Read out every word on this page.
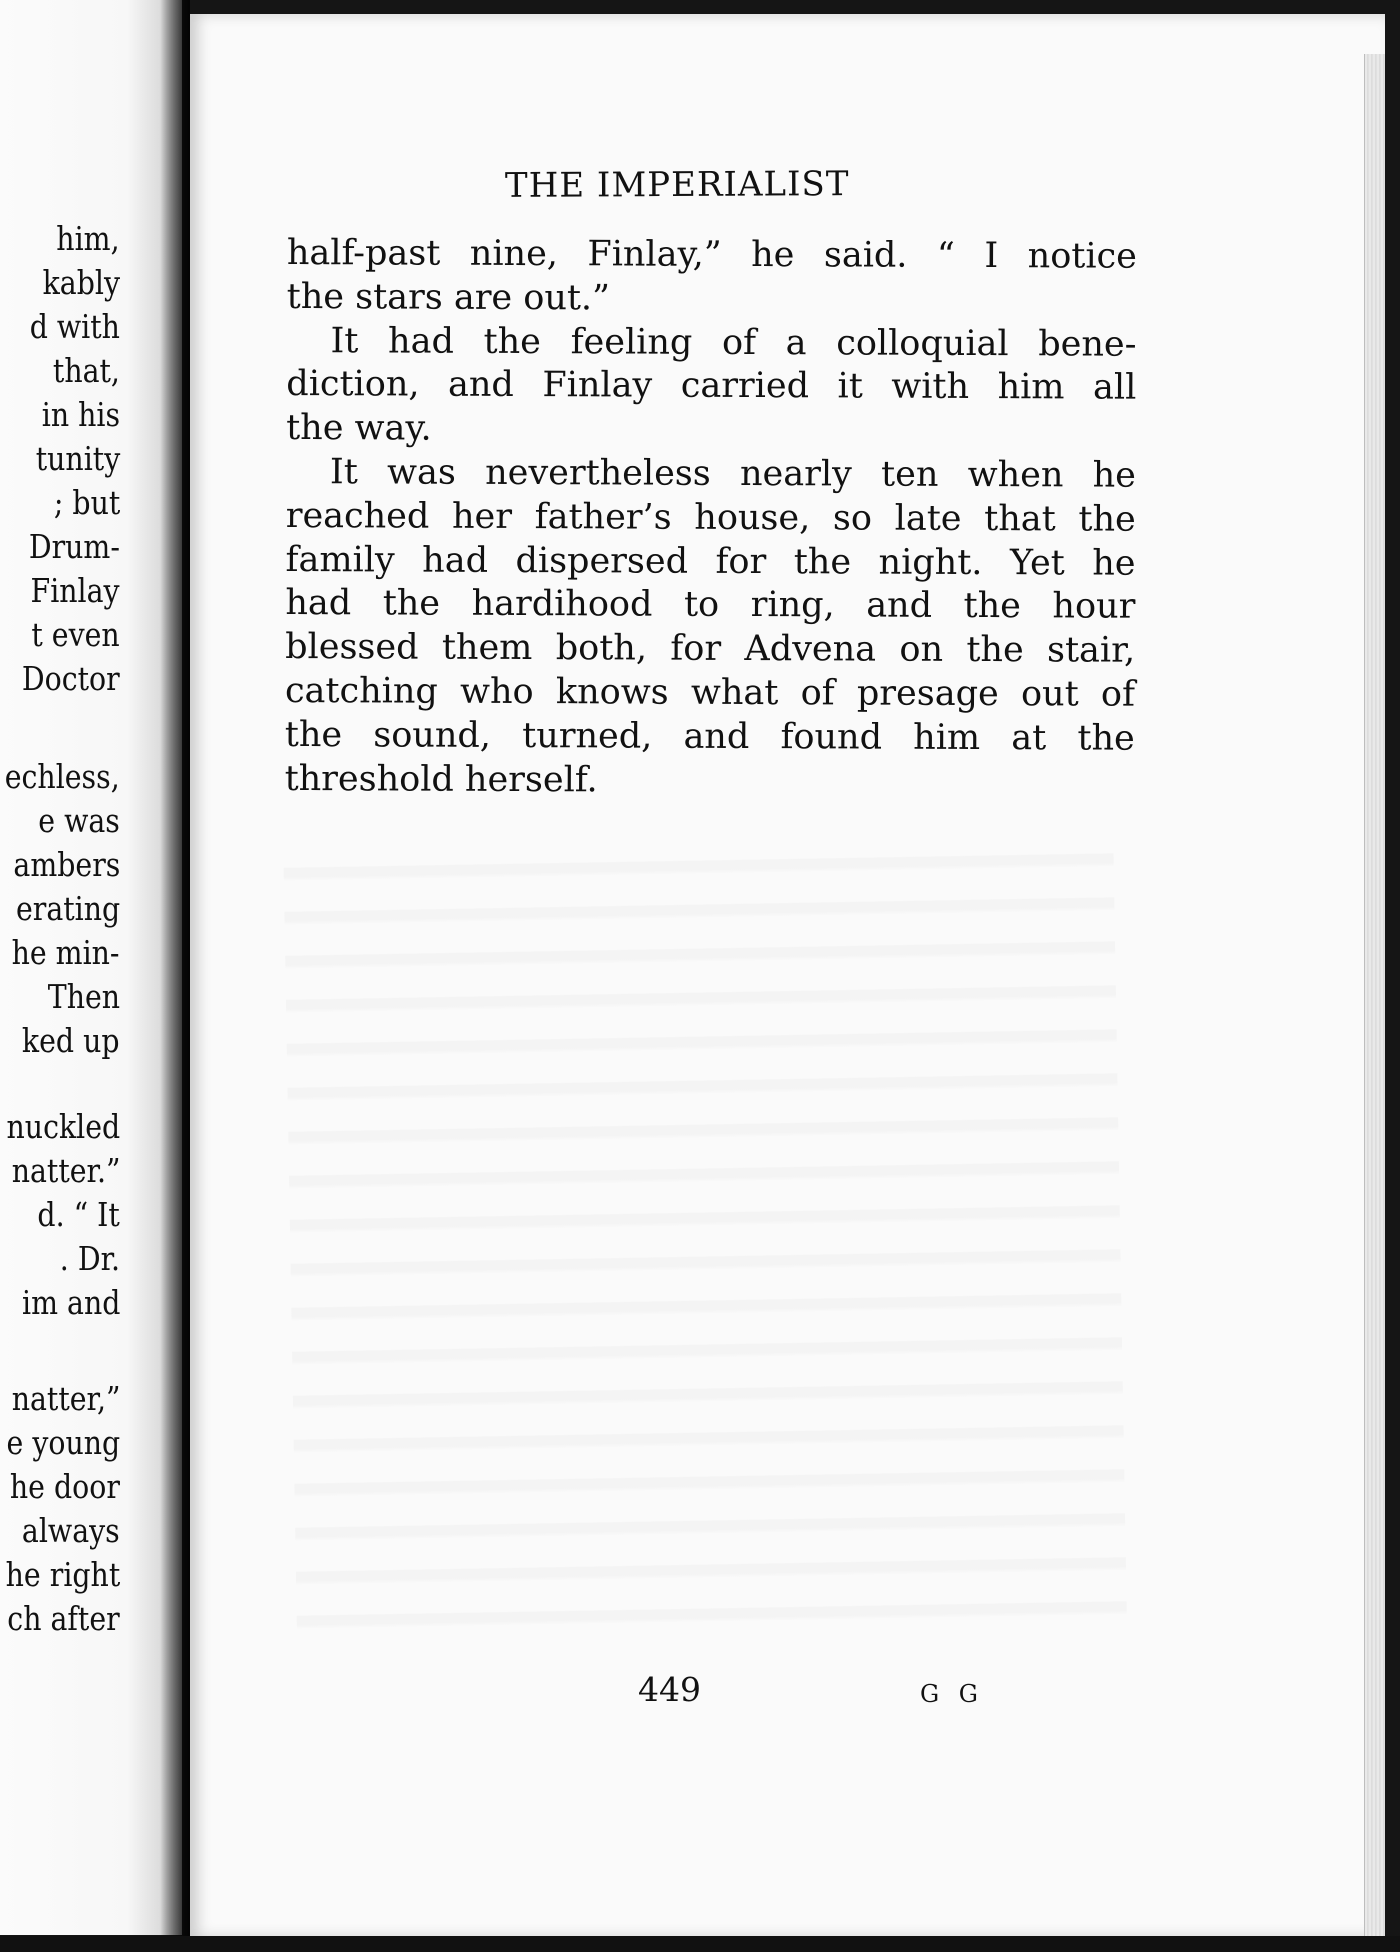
him,
kably
d with
that,
in his
tunity
; but
Drum-
Finlay
t even
Doctor
echless,
e was
ambers
erating
he min-
Then
ked up
nuckled
natter.”
d. “ It
. Dr.
im and
natter,”
e young
he door
always
he right
ch after
THE IMPERIALIST

half-past nine, Finlay,” he said. “ I notice
the stars are out.”

It had the feeling of a colloquial bene-
diction, and Finlay carried it with him all
the way.

It was nevertheless nearly ten when he
reached her father’s house, so late that the
family had dispersed for the night. Yet he
had the hardihood to ring, and the hour
blessed them both, for Advena on the stair,
catching who knows what of presage out of
the sound, turned, and found him at the
threshold herself.

449	G G
